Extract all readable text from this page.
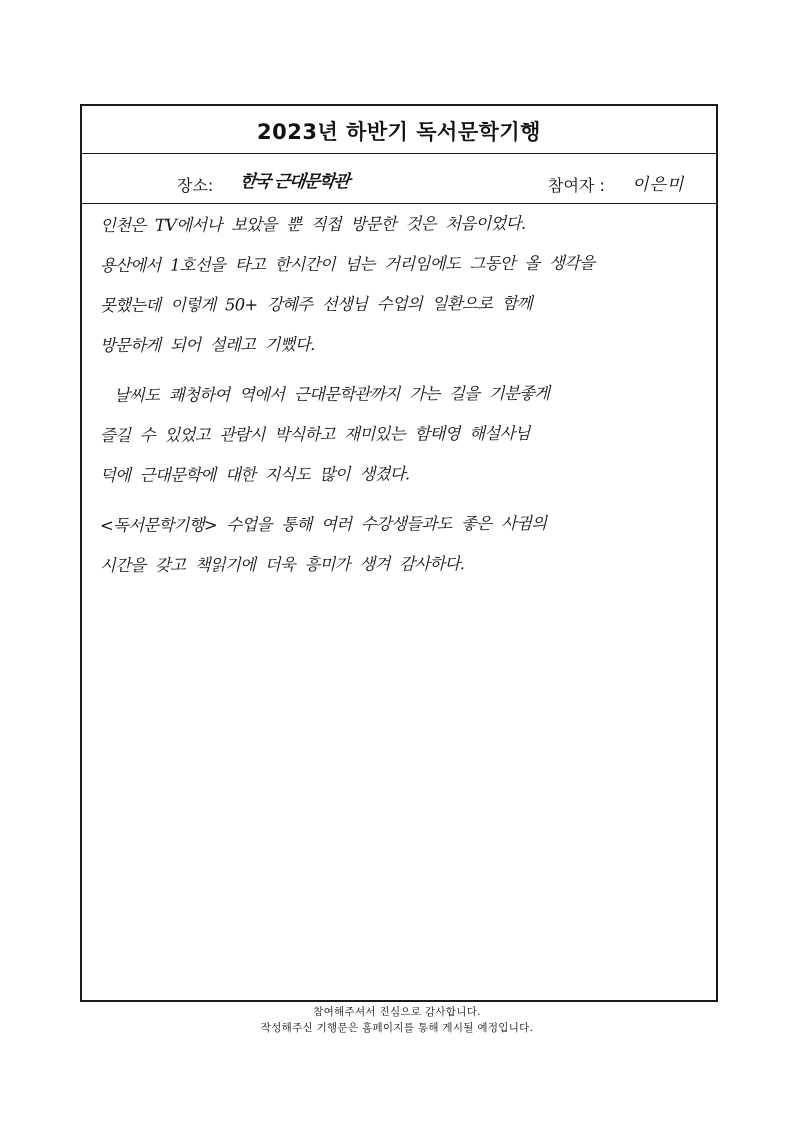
2023년 하반기 독서문학기행
장소: 한국 근대문학관	참여자 : 이은미
인천은 TV에서나 보았을 뿐 직접 방문한 것은 처음이었다.
용산에서 1호선을 타고 한시간이 넘는 거리임에도 그동안 올 생각을
못했는데 이렇게 50+ 강혜주 선생님 수업의 일환으로 함께
방문하게 되어 설레고 기뻤다.
날씨도 쾌청하여 역에서 근대문학관까지 가는 길을 기분좋게
즐길 수 있었고 관람시 박식하고 재미있는 함태영 해설사님
덕에 근대문학에 대한 지식도 많이 생겼다.
<독서문학기행> 수업을 통해 여러 수강생들과도 좋은 사귐의
시간을 갖고 책읽기에 더욱 흥미가 생겨 감사하다.
참여해주셔서 진심으로 감사합니다.
작성해주신 기행문은 홈페이지를 통해 게시될 예정입니다.
